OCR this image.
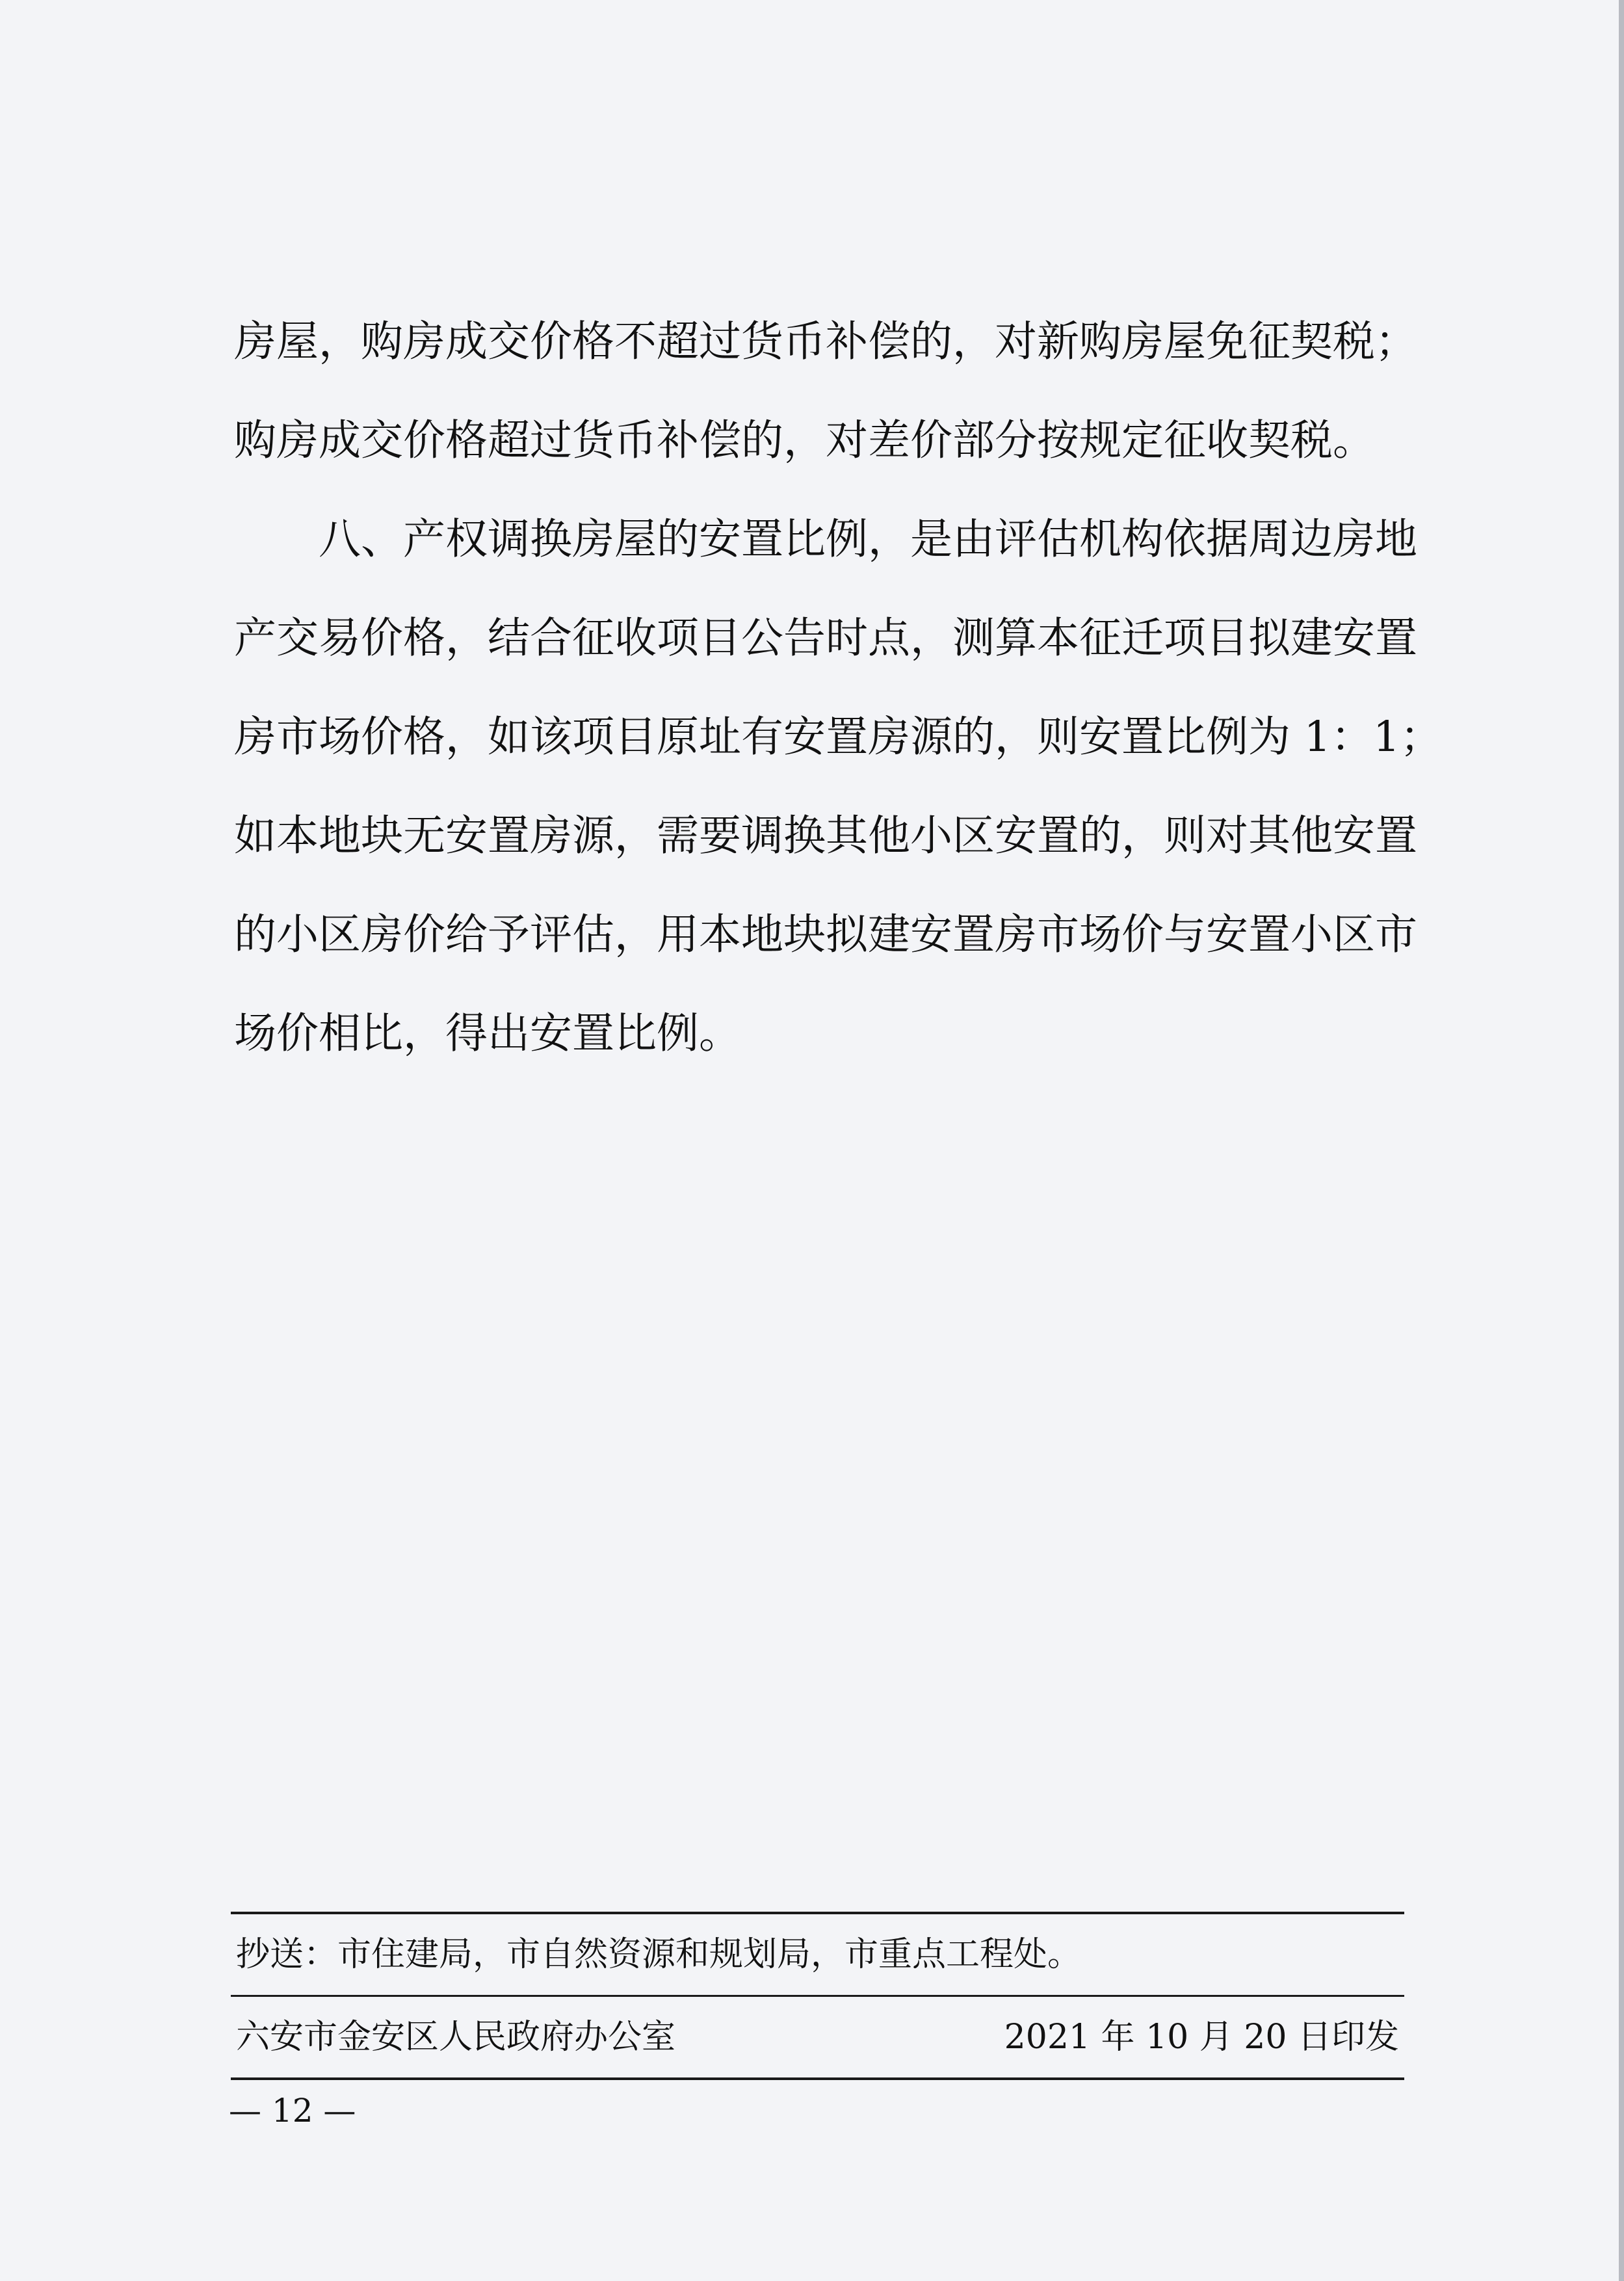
房屋，购房成交价格不超过货币补偿的，对新购房屋免征契税；
购房成交价格超过货币补偿的，对差价部分按规定征收契税。
八、产权调换房屋的安置比例，是由评估机构依据周边房地
产交易价格，结合征收项目公告时点，测算本征迁项目拟建安置
房市场价格，如该项目原址有安置房源的，则安置比例为 1：1；
如本地块无安置房源，需要调换其他小区安置的，则对其他安置
的小区房价给予评估，用本地块拟建安置房市场价与安置小区市
场价相比，得出安置比例。
抄送：市住建局，市自然资源和规划局，市重点工程处。
六安市金安区人民政府办公室	2021 年 10 月 20 日印发
— 12 —
